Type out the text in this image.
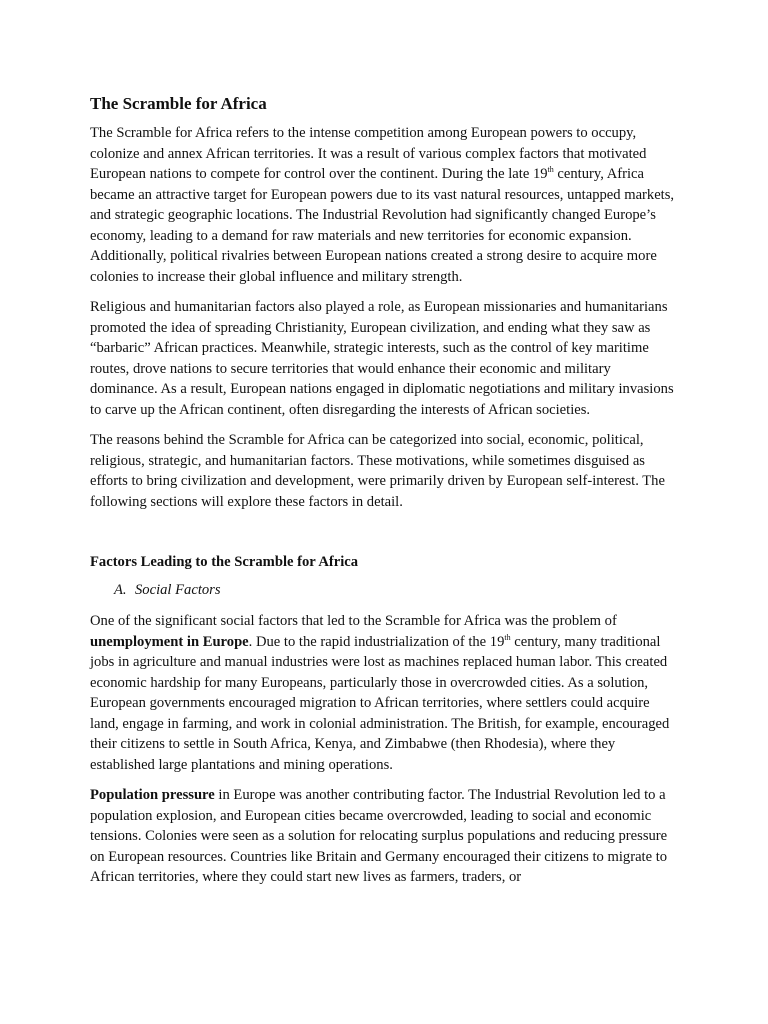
The Scramble for Africa

The Scramble for Africa refers to the intense competition among European powers to occupy, colonize and annex African territories. It was a result of various complex factors that motivated European nations to compete for control over the continent. During the late 19th century, Africa became an attractive target for European powers due to its vast natural resources, untapped markets, and strategic geographic locations. The Industrial Revolution had significantly changed Europe’s economy, leading to a demand for raw materials and new territories for economic expansion. Additionally, political rivalries between European nations created a strong desire to acquire more colonies to increase their global influence and military strength.

Religious and humanitarian factors also played a role, as European missionaries and humanitarians promoted the idea of spreading Christianity, European civilization, and ending what they saw as “barbaric” African practices. Meanwhile, strategic interests, such as the control of key maritime routes, drove nations to secure territories that would enhance their economic and military dominance. As a result, European nations engaged in diplomatic negotiations and military invasions to carve up the African continent, often disregarding the interests of African societies.

The reasons behind the Scramble for Africa can be categorized into social, economic, political, religious, strategic, and humanitarian factors. These motivations, while sometimes disguised as efforts to bring civilization and development, were primarily driven by European self-interest. The following sections will explore these factors in detail.

Factors Leading to the Scramble for Africa
A. Social Factors

One of the significant social factors that led to the Scramble for Africa was the problem of unemployment in Europe. Due to the rapid industrialization of the 19th century, many traditional jobs in agriculture and manual industries were lost as machines replaced human labor. This created economic hardship for many Europeans, particularly those in overcrowded cities. As a solution, European governments encouraged migration to African territories, where settlers could acquire land, engage in farming, and work in colonial administration. The British, for example, encouraged their citizens to settle in South Africa, Kenya, and Zimbabwe (then Rhodesia), where they established large plantations and mining operations.

Population pressure in Europe was another contributing factor. The Industrial Revolution led to a population explosion, and European cities became overcrowded, leading to social and economic tensions. Colonies were seen as a solution for relocating surplus populations and reducing pressure on European resources. Countries like Britain and Germany encouraged their citizens to migrate to African territories, where they could start new lives as farmers, traders, or
